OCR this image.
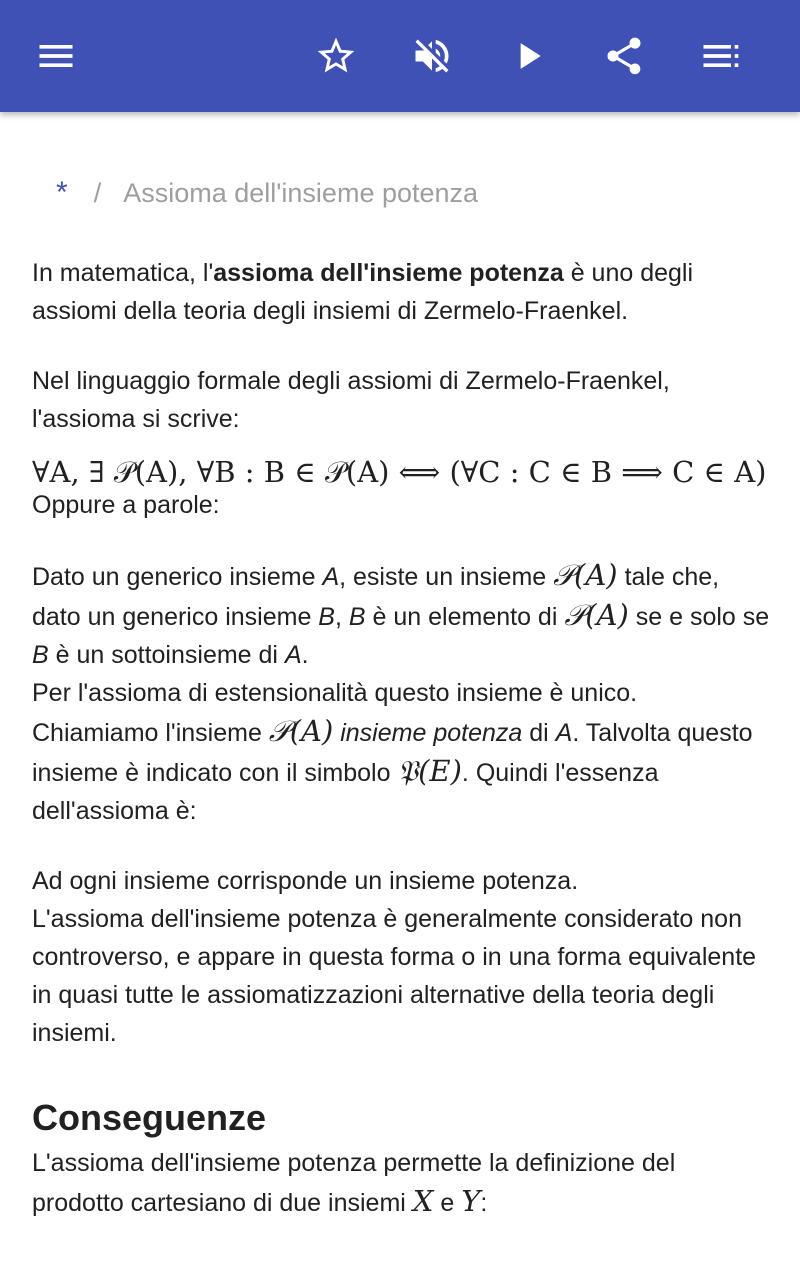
* / Assioma dell'insieme potenza

In matematica, l'assioma dell'insieme potenza è uno degli assiomi della teoria degli insiemi di Zermelo-Fraenkel.

Nel linguaggio formale degli assiomi di Zermelo-Fraenkel, l'assioma si scrive:

∀A, ∃ 𝒫(A), ∀B : B ∈ 𝒫(A) ⟺ (∀C : C ∈ B ⟹ C ∈ A)

Oppure a parole:

Dato un generico insieme A, esiste un insieme 𝒫(A) tale che, dato un generico insieme B, B è un elemento di 𝒫(A) se e solo se B è un sottoinsieme di A.

Per l'assioma di estensionalità questo insieme è unico.

Chiamiamo l'insieme 𝒫(A) insieme potenza di A. Talvolta questo insieme è indicato con il simbolo 𝔓(E). Quindi l'essenza dell'assioma è:

Ad ogni insieme corrisponde un insieme potenza.

L'assioma dell'insieme potenza è generalmente considerato non controverso, e appare in questa forma o in una forma equivalente in quasi tutte le assiomatizzazioni alternative della teoria degli insiemi.

Conseguenze

L'assioma dell'insieme potenza permette la definizione del prodotto cartesiano di due insiemi X e Y:
